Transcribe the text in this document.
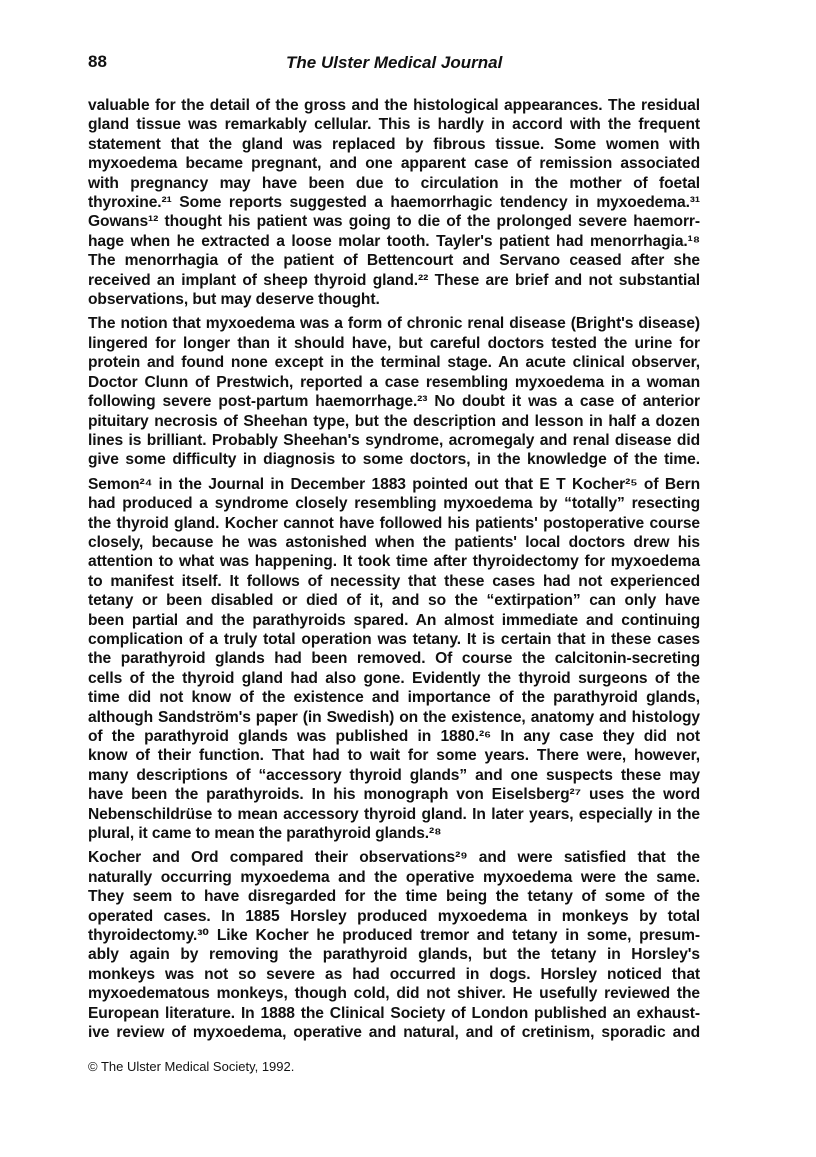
88	The Ulster Medical Journal

valuable for the detail of the gross and the histological appearances. The residual
gland tissue was remarkably cellular. This is hardly in accord with the frequent
statement that the gland was replaced by fibrous tissue. Some women with
myxoedema became pregnant, and one apparent case of remission associated
with pregnancy may have been due to circulation in the mother of foetal
thyroxine.²¹ Some reports suggested a haemorrhagic tendency in myxoedema.³¹
Gowans¹² thought his patient was going to die of the prolonged severe haemorr-
hage when he extracted a loose molar tooth. Tayler's patient had menorrhagia.¹⁸
The menorrhagia of the patient of Bettencourt and Servano ceased after she
received an implant of sheep thyroid gland.²² These are brief and not substantial
observations, but may deserve thought.

The notion that myxoedema was a form of chronic renal disease (Bright's disease)
lingered for longer than it should have, but careful doctors tested the urine for
protein and found none except in the terminal stage. An acute clinical observer,
Doctor Clunn of Prestwich, reported a case resembling myxoedema in a woman
following severe post-partum haemorrhage.²³ No doubt it was a case of anterior
pituitary necrosis of Sheehan type, but the description and lesson in half a dozen
lines is brilliant. Probably Sheehan's syndrome, acromegaly and renal disease did
give some difficulty in diagnosis to some doctors, in the knowledge of the time.

Semon²⁴ in the Journal in December 1883 pointed out that E T Kocher²⁵ of Bern
had produced a syndrome closely resembling myxoedema by “totally” resecting
the thyroid gland. Kocher cannot have followed his patients' postoperative course
closely, because he was astonished when the patients' local doctors drew his
attention to what was happening. It took time after thyroidectomy for myxoedema
to manifest itself. It follows of necessity that these cases had not experienced
tetany or been disabled or died of it, and so the “extirpation” can only have
been partial and the parathyroids spared. An almost immediate and continuing
complication of a truly total operation was tetany. It is certain that in these cases
the parathyroid glands had been removed. Of course the calcitonin-secreting
cells of the thyroid gland had also gone. Evidently the thyroid surgeons of the
time did not know of the existence and importance of the parathyroid glands,
although Sandström's paper (in Swedish) on the existence, anatomy and histology
of the parathyroid glands was published in 1880.²⁶ In any case they did not
know of their function. That had to wait for some years. There were, however,
many descriptions of “accessory thyroid glands” and one suspects these may
have been the parathyroids. In his monograph von Eiselsberg²⁷ uses the word
Nebenschildrüse to mean accessory thyroid gland. In later years, especially in the
plural, it came to mean the parathyroid glands.²⁸

Kocher and Ord compared their observations²⁹ and were satisfied that the
naturally occurring myxoedema and the operative myxoedema were the same.
They seem to have disregarded for the time being the tetany of some of the
operated cases. In 1885 Horsley produced myxoedema in monkeys by total
thyroidectomy.³⁰ Like Kocher he produced tremor and tetany in some, presum-
ably again by removing the parathyroid glands, but the tetany in Horsley's
monkeys was not so severe as had occurred in dogs. Horsley noticed that
myxoedematous monkeys, though cold, did not shiver. He usefully reviewed the
European literature. In 1888 the Clinical Society of London published an exhaust-
ive review of myxoedema, operative and natural, and of cretinism, sporadic and

© The Ulster Medical Society, 1992.
